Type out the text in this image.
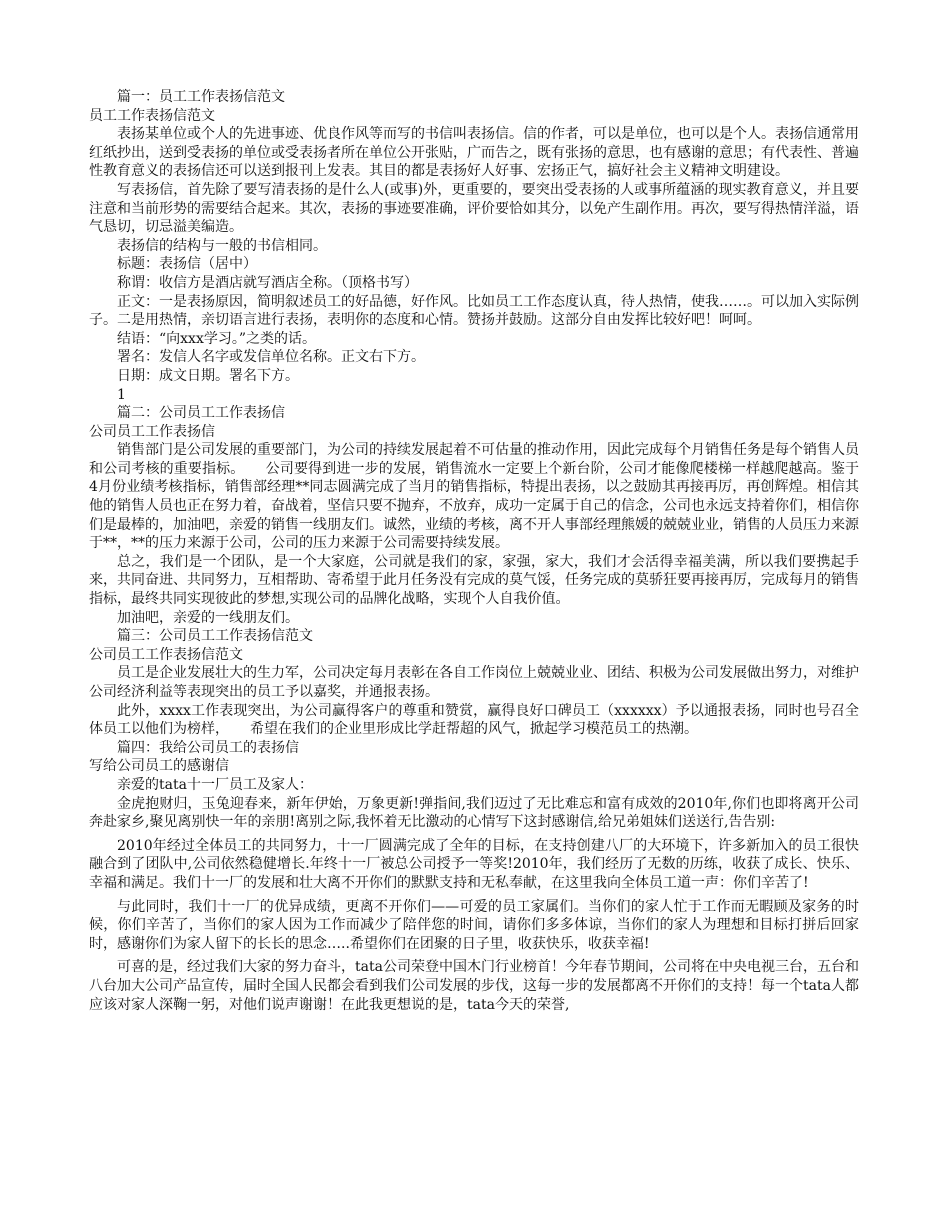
篇一：员工工作表扬信范文

员工工作表扬信范文

表扬某单位或个人的先进事迹、优良作风等而写的书信叫表扬信。信的作者，可以是单位，也可以是个人。表扬信通常用红纸抄出，送到受表扬的单位或受表扬者所在单位公开张贴，广而告之，既有张扬的意思，也有感谢的意思；有代表性、普遍性教育意义的表扬信还可以送到报刊上发表。其目的都是表扬好人好事、宏扬正气，搞好社会主义精神文明建设。

写表扬信，首先除了要写清表扬的是什么人(或事)外，更重要的，要突出受表扬的人或事所蕴涵的现实教育意义，并且要注意和当前形势的需要结合起来。其次，表扬的事迹要准确，评价要恰如其分，以免产生副作用。再次，要写得热情洋溢，语气恳切，切忌溢美编造。

表扬信的结构与一般的书信相同。

标题：表扬信（居中）

称谓：收信方是酒店就写酒店全称。（顶格书写）

正文：一是表扬原因，简明叙述员工的好品德，好作风。比如员工工作态度认真，待人热情，使我……。可以加入实际例子。二是用热情，亲切语言进行表扬，表明你的态度和心情。赞扬并鼓励。这部分自由发挥比较好吧！呵呵。

结语：“向xxx学习。”之类的话。

署名：发信人名字或发信单位名称。正文右下方。

日期：成文日期。署名下方。

1

篇二：公司员工工作表扬信

公司员工工作表扬信

销售部门是公司发展的重要部门，为公司的持续发展起着不可估量的推动作用，因此完成每个月销售任务是每个销售人员和公司考核的重要指标。　　公司要得到进一步的发展，销售流水一定要上个新台阶，公司才能像爬楼梯一样越爬越高。鉴于4月份业绩考核指标，销售部经理**同志圆满完成了当月的销售指标，特提出表扬，以之鼓励其再接再厉，再创辉煌。相信其他的销售人员也正在努力着，奋战着，坚信只要不抛弃，不放弃，成功一定属于自己的信念，公司也永远支持着你们，相信你们是最棒的，加油吧，亲爱的销售一线朋友们。诚然，业绩的考核，离不开人事部经理熊媛的兢兢业业，销售的人员压力来源于**，**的压力来源于公司，公司的压力来源于公司需要持续发展。

总之，我们是一个团队，是一个大家庭，公司就是我们的家，家强，家大，我们才会活得幸福美满，所以我们要携起手来，共同奋进、共同努力，互相帮助、寄希望于此月任务没有完成的莫气馁，任务完成的莫骄狂要再接再厉，完成每月的销售指标，最终共同实现彼此的梦想,实现公司的品牌化战略，实现个人自我价值。

加油吧，亲爱的一线朋友们。

篇三：公司员工工作表扬信范文

公司员工工作表扬信范文

员工是企业发展壮大的生力军，公司决定每月表彰在各自工作岗位上兢兢业业、团结、积极为公司发展做出努力，对维护公司经济利益等表现突出的员工予以嘉奖，并通报表扬。

此外，xxxx工作表现突出，为公司赢得客户的尊重和赞赏，赢得良好口碑员工（xxxxxx）予以通报表扬，同时也号召全体员工以他们为榜样，　　希望在我们的企业里形成比学赶帮超的风气，掀起学习模范员工的热潮。

篇四：我给公司员工的表扬信

写给公司员工的感谢信

亲爱的tata十一厂员工及家人：

金虎抱财归，玉兔迎春来，新年伊始，万象更新!弹指间,我们迈过了无比难忘和富有成效的2010年,你们也即将离开公司奔赴家乡,聚见离别快一年的亲朋!离别之际,我怀着无比激动的心情写下这封感谢信,给兄弟姐妹们送送行,告告别:

2010年经过全体员工的共同努力，十一厂圆满完成了全年的目标，在支持创建八厂的大环境下，许多新加入的员工很快融合到了团队中,公司依然稳健增长.年终十一厂被总公司授予一等奖!2010年，我们经历了无数的历练，收获了成长、快乐、幸福和满足。我们十一厂的发展和壮大离不开你们的默默支持和无私奉献，在这里我向全体员工道一声：你们辛苦了!

与此同时，我们十一厂的优异成绩，更离不开你们——可爱的员工家属们。当你们的家人忙于工作而无暇顾及家务的时候，你们辛苦了，当你们的家人因为工作而减少了陪伴您的时间，请你们多多体谅，当你们的家人为理想和目标打拼后回家时，感谢你们为家人留下的长长的思念…..希望你们在团聚的日子里，收获快乐，收获幸福!

可喜的是，经过我们大家的努力奋斗，tata公司荣登中国木门行业榜首！今年春节期间，公司将在中央电视三台，五台和八台加大公司产品宣传，届时全国人民都会看到我们公司发展的步伐，这每一步的发展都离不开你们的支持！每一个tata人都应该对家人深鞠一躬，对他们说声谢谢！在此我更想说的是，tata今天的荣誉,
